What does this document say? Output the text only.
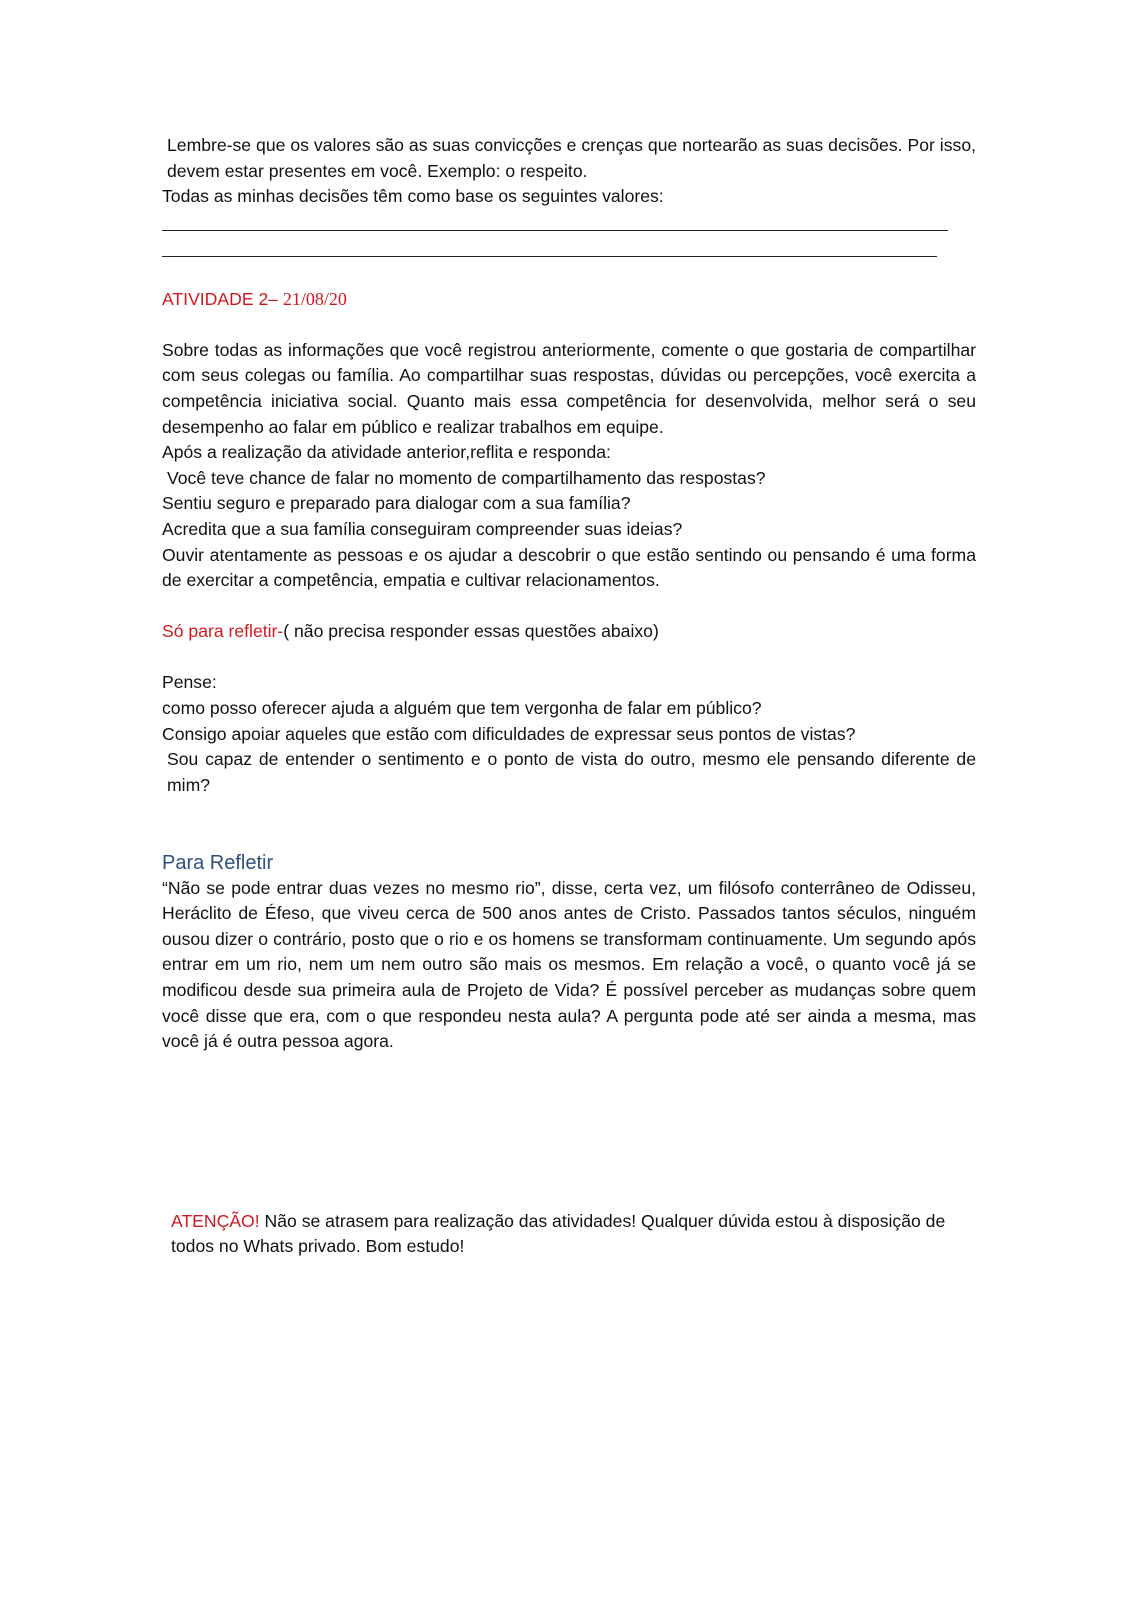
Lembre-se que os valores são as suas convicções e crenças que nortearão as suas decisões. Por isso, devem estar presentes em você. Exemplo: o respeito.

Todas as minhas decisões têm como base os seguintes valores:

ATIVIDADE 2– 21/08/20

Sobre todas as informações que você registrou anteriormente, comente o que gostaria de compartilhar com seus colegas ou família. Ao compartilhar suas respostas, dúvidas ou percepções, você exercita a competência iniciativa social. Quanto mais essa competência for desenvolvida, melhor será o seu desempenho ao falar em público e realizar trabalhos em equipe.

Após a realização da atividade anterior,reflita e responda:

Você teve chance de falar no momento de compartilhamento das respostas?

Sentiu seguro e preparado para dialogar com a sua família?

Acredita que a sua família conseguiram compreender suas ideias?

Ouvir atentamente as pessoas e os ajudar a descobrir o que estão sentindo ou pensando é uma forma de exercitar a competência, empatia e cultivar relacionamentos.

Só para refletir-( não precisa responder essas questões abaixo)

Pense:

como posso oferecer ajuda a alguém que tem vergonha de falar em público?

Consigo apoiar aqueles que estão com dificuldades de expressar seus pontos de vistas?

Sou capaz de entender o sentimento e o ponto de vista do outro, mesmo ele pensando diferente de mim?

Para Refletir

“Não se pode entrar duas vezes no mesmo rio”, disse, certa vez, um filósofo conterrâneo de Odisseu, Heráclito de Éfeso, que viveu cerca de 500 anos antes de Cristo. Passados tantos séculos, ninguém ousou dizer o contrário, posto que o rio e os homens se transformam continuamente. Um segundo após entrar em um rio, nem um nem outro são mais os mesmos. Em relação a você, o quanto você já se modificou desde sua primeira aula de Projeto de Vida? É possível perceber as mudanças sobre quem você disse que era, com o que respondeu nesta aula? A pergunta pode até ser ainda a mesma, mas você já é outra pessoa agora.

ATENÇÃO! Não se atrasem para realização das atividades! Qualquer dúvida estou à disposição de todos no Whats privado. Bom estudo!
